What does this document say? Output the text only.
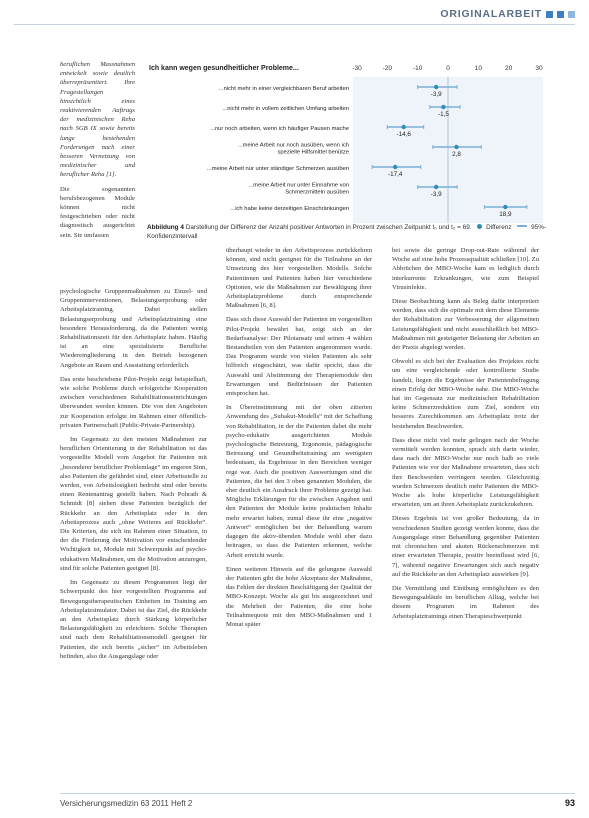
ORIGINALARBEIT

beruflichen Massnahmen entwickelt sowie deutlich überrepräsentiert. Ihre Fragestellungen hinsichtlich eines reaktivierenden Auftrags der medizinischen Reha nach SGB IX sowie bereits lange bestehenden Forderungen nach einer besseren Vernetzung von medizinischer und beruflicher Reha [1].

Die sogenannten berufsbezogenen Module können nicht festgeschrieben oder nicht diagnostisch ausgerichtet sein. Sie umfassen

-30	-20	-10	0	10	20	30
Ich kann wegen gesundheitlicher Probleme...
...nicht mehr in einer vergleichbaren Beruf arbeiten
-3,9
...nicht mehr in vollem zeitlichen Umfang arbeiten
-1,5
...nur noch arbeiten, wenn ich häufiger Pausen mache
-14,6
...meine Arbeit nur noch ausüben, wenn ich
spezielle Hilfsmittel benütze	2,8
...meine Arbeit nur unter ständiger Schmerzen ausüben
-17,4
...meine Arbeit nur unter Einnahme von
Schmerzmitteln ausüben	-3,9
...ich habe keine derzeitigen Einschränkungen
18,9
Abbildung 4 Darstellung der Differenz der Anzahl positiver Antworten in Prozent zwischen Zeitpunkt t₀ und t₂ = 69. Differenz	95%-Konfidenzintervall

psychologische Gruppenmaßnahmen zu Einzel- und Gruppeninterventionen, Belastungserprobung oder Arbeitsplatztraining. Dabei stellen Belastungserprobung und Arbeitsplatztraining eine besondere Herausforderung, da die Patienten wenig Rehabilitationszeit für den Arbeitsplatz haben. Häufig ist an eine spezialisierte Berufliche Wiedereingliederung in den Betrieb bezogenen Angebote an Raum und Ausstattung erforderlich.

Das erste beschriebene Pilot-Projekt zeigt beispielhaft, wie solche Probleme durch erfolgreiche Kooperation zwischen verschiedenen Rehabilitationseinrichtungen überwunden werden können. Die von den Angeboten zur Kooperation erfolgte im Rahmen einer öffentlich-privaten Partnerschaft (Public-Private-Partnership).

Im Gegensatz zu den meisten Maßnahmen zur beruflichen Orientierung in der Rehabilitation ist das vorgestellte Modell vom Angebot für Patienten mit „besonderer beruflicher Problemlage“ im engeren Sinn, also Patienten die gefährdet sind, einer Arbeitsstelle zu werden, von Arbeitslosigkeit bedroht sind oder bereits einen Rentenantrag gestellt haben. Nach Pohrath & Schmidt [8] stehen diese Patienten bezüglich der Rückkehr an den Arbeitsplatz oder in den Arbeitsprozess auch „ohne Weiteres auf Rückkehr“. Die Kriterien, die sich im Rahmen einer Situation, in der die Förderung der Motivation vor entscheidender Wichtigkeit ist, Module mit Schwerpunkt auf psycho-edukativen Maßnahmen, um die Motivation anzuregen, sind für solche Patienten geeignet [8].

Im Gegensatz zu diesen Programmen liegt der Schwerpunkt des hier vorgestellten Programms auf Bewegungstherapeutischen Einheiten im Training am Arbeitsplatzsimulator. Dabei ist das Ziel, die Rückkehr an den Arbeitsplatz durch Stärkung körperlicher Belastungsfähigkeit zu erleichtern. Solche Therapien sind nach dem Rehabilitationsmodell geeignet für Patienten, die sich bereits „sicher“ im Arbeitsleben befinden, also die Ausgangslage oder

überhaupt wieder in den Arbeitsprozess zurückkehren können, sind nicht geeignet für die Teilnahme an der Umsetzung des hier vorgestellten Modells. Solche Patientinnen und Patienten haben hier verschiedene Optionen, wie die Maßnahmen zur Bewältigung ihrer Arbeitsplatzprobleme durch entsprechende Maßnahmen [6, 8].

Dass sich diese Auswahl der Patienten im vorgestellten Pilot-Projekt bewährt hat, zeigt sich an der Bedarfsanalyse: Der Pilotansatz und seinen 4 wählen Bestandteilen von den Patienten angenommen wurde. Das Programm wurde von vielen Patienten als sehr hilfreich eingeschätzt, was dafür spricht, dass die Auswahl und Abstimmung der Therapiemodule den Erwartungen und Bedürfnissen der Patienten entsprochen hat.

In Übereinstimmung mit der oben zitierten Anwendung des „Subakut-Modells“ mit der Schaffung von Rehabilitation, in der die Patienten dabei die mehr psycho-edukativ ausgerichteten Module psychologische Betreuung, Ergonomie, pädagogische Betreuung und Gesundheitstraining am wenigsten bedeutsam, da Ergebnisse in den Bereichen weniger rege war. Auch die positiven Auswertungen sind die Patienten, die bei den 3 oben genannten Modulen, die eher deutlich ein Ausdruck ihrer Probleme gezeigt hat. Mögliche Erklärungen für die zwischen Angaben und den Patienten der Module keine praktischen Inhalte mehr erwartet haben, zumal diese ihr eine „negative Antwort“ ermöglichen bei der Behandlung warum dagegen die aktiv-übenden Module wohl eher dazu beitragen, so dass die Patienten erkennen, welche Arbeit erreicht wurde.

Einen weiteren Hinweis auf die gelungene Auswahl der Patienten gibt die hohe Akzeptanz der Maßnahme, das Fehlen der direkten Beschäftigung der Qualität der MBO-Konzept. Woche als gut bis ausgezeichnet und die Mehrheit der Patienten, die eine hohe Teilnahmequote mit den MBO-Maßnahmen und 1 Monat später

bei sowie die geringe Drop-out-Rate während der Woche auf eine hohe Prozessqualität schließen [10]. Zu Abbrüchen der MBO-Woche kam es lediglich durch interkurrente Erkrankungen, wie zum Beispiel Virusinfekte.

Diese Beobachtung kann als Beleg dafür interpretiert werden, dass sich die optimale mit dem diese Elemente der Rehabilitation zur Verbesserung der allgemeinen Leistungsfähigkeit und nicht ausschließlich bei MBO-Maßnahmen mit gesteigerter Belastung der Arbeiten an der Praxis abgelegt werden.

Obwohl es sich bei der Evaluation des Projektes nicht um eine vergleichende oder kontrollierte Studie handelt, liegen die Ergebnisse der Patientenbefragung einen Erfolg der MBO-Woche nahe. Die MBO-Woche hat im Gegensatz zur medizinischen Rehabilitation keine Schmerzreduktion zum Ziel, sondern ein besseres Zurechtkommen am Arbeitsplatz trotz der bestehenden Beschwerden.

Dass diese nicht viel mehr gelingen nach der Woche vermittelt werden konnten, sprach sich darin wieder, dass nach der MBO-Woche nur noch halb so viele Patienten wie vor der Maßnahme erwarteten, dass sich ihre Beschwerden verringern werden. Gleichzeitig wurden Schmerzen deutlich mehr Patienten die MBO-Woche als hohe körperliche Leistungsfähigkeit erwarteten, um an ihren Arbeitsplatz zurückzukehren.

Dieses Ergebnis ist von großer Bedeutung, da in verschiedenen Studien gezeigt werden konnte, dass die Ausgangslage einer Behandlung gegenüber Patienten mit chronischen und akuten Rückenschmerzen mit einer erwarteten Therapie, positiv beeinflusst wird [6, 7], während negative Erwartungen sich auch negativ auf die Rückkehr an den Arbeitsplatz auswirken [9].

Die Vermittlung und Einübung ermöglichten es den Bewegungsabläufe im beruflichen Alltag, welche bei diesem Programm im Rahmen des Arbeitsplatztrainings einen Therapieschwerpunkt

Versicherungsmedizin 63 2011 Heft 2	93
